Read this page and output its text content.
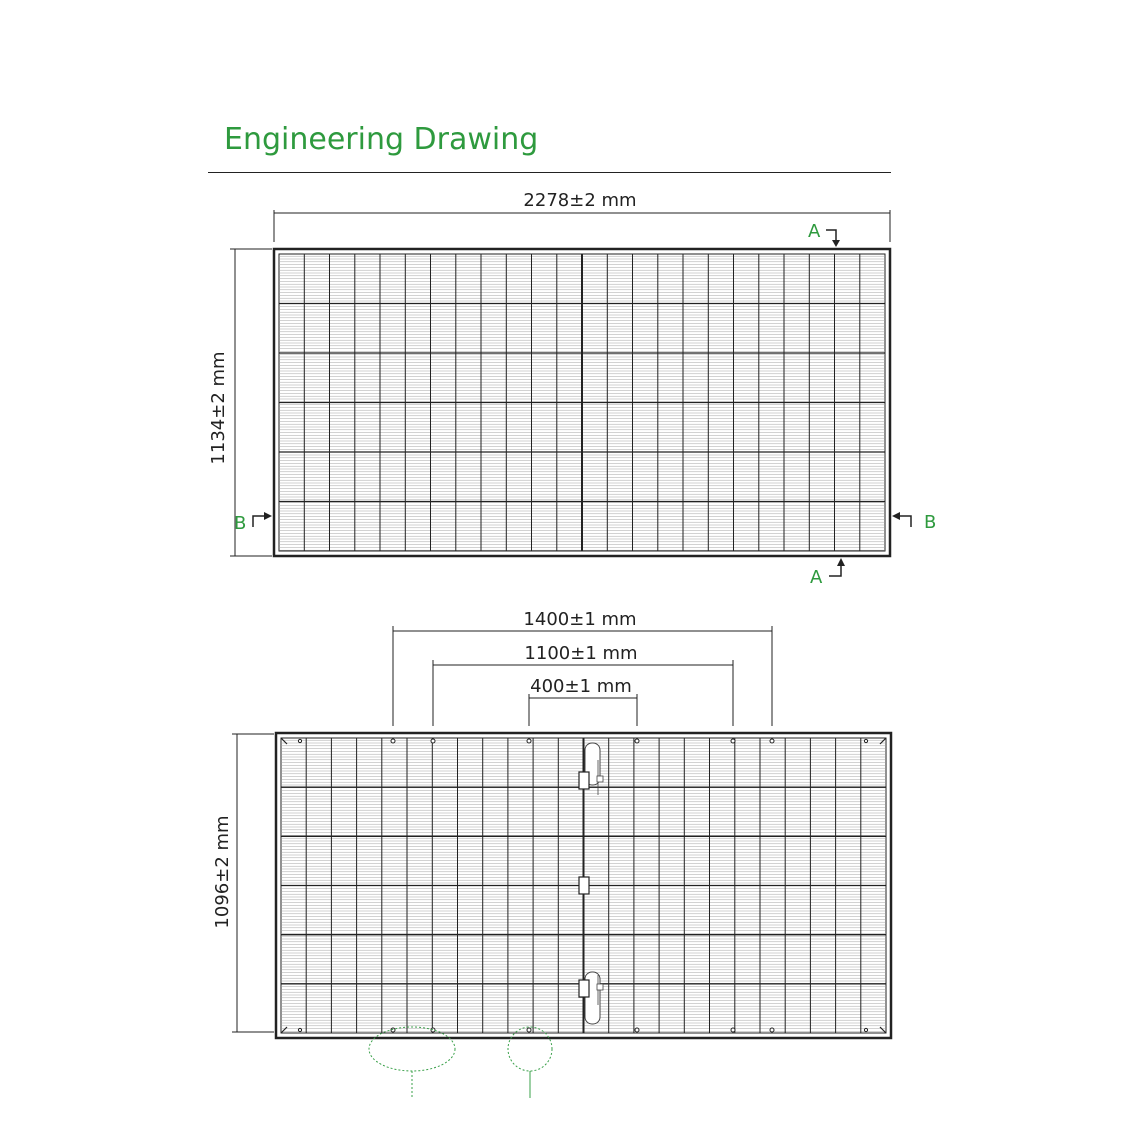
Engineering Drawing
2278±2 mm
1134±2 mm
A
A
B	B
1400±1 mm
1100±1 mm
400±1 mm
1096±2 mm
